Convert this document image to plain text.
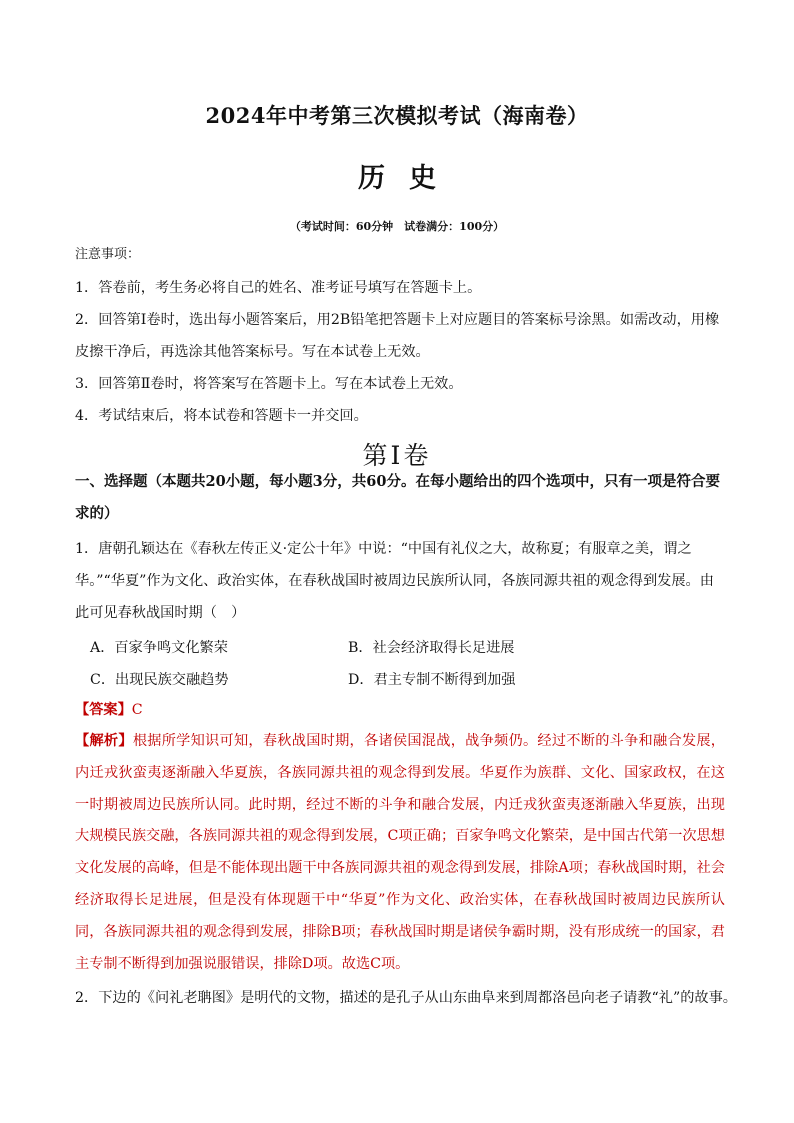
2024年中考第三次模拟考试（海南卷）
历史
（考试时间：60分钟　试卷满分：100分）
注意事项：

1．答卷前，考生务必将自己的姓名、准考证号填写在答题卡上。

2．回答第Ⅰ卷时，选出每小题答案后，用2B铅笔把答题卡上对应题目的答案标号涂黑。如需改动，用橡皮擦干净后，再选涂其他答案标号。写在本试卷上无效。

3．回答第Ⅱ卷时，将答案写在答题卡上。写在本试卷上无效。

4．考试结束后，将本试卷和答题卡一并交回。

第Ⅰ卷
一、选择题（本题共20小题，每小题3分，共60分。在每小题给出的四个选项中，只有一项是符合要求的）

1．唐朝孔颖达在《春秋左传正义·定公十年》中说：“中国有礼仪之大，故称夏；有服章之美，谓之华。”“华夏”作为文化、政治实体，在春秋战国时被周边民族所认同，各族同源共祖的观念得到发展。由此可见春秋战国时期（　）

A．百家争鸣文化繁荣	B．社会经济取得长足进展
C．出现民族交融趋势	D．君主专制不断得到加强
【答案】C
【解析】根据所学知识可知，春秋战国时期，各诸侯国混战，战争频仍。经过不断的斗争和融合发展，内迁戎狄蛮夷逐渐融入华夏族，各族同源共祖的观念得到发展。华夏作为族群、文化、国家政权，在这一时期被周边民族所认同。此时期，经过不断的斗争和融合发展，内迁戎狄蛮夷逐渐融入华夏族，出现大规模民族交融，各族同源共祖的观念得到发展，C项正确；百家争鸣文化繁荣，是中国古代第一次思想文化发展的高峰，但是不能体现出题干中各族同源共祖的观念得到发展，排除A项；春秋战国时期，社会经济取得长足进展，但是没有体现题干中“华夏”作为文化、政治实体，在春秋战国时被周边民族所认同，各族同源共祖的观念得到发展，排除B项；春秋战国时期是诸侯争霸时期，没有形成统一的国家，君主专制不断得到加强说服错误，排除D项。故选C项。
2．下边的《问礼老聃图》是明代的文物，描述的是孔子从山东曲阜来到周都洛邑向老子请教“礼”的故事。
